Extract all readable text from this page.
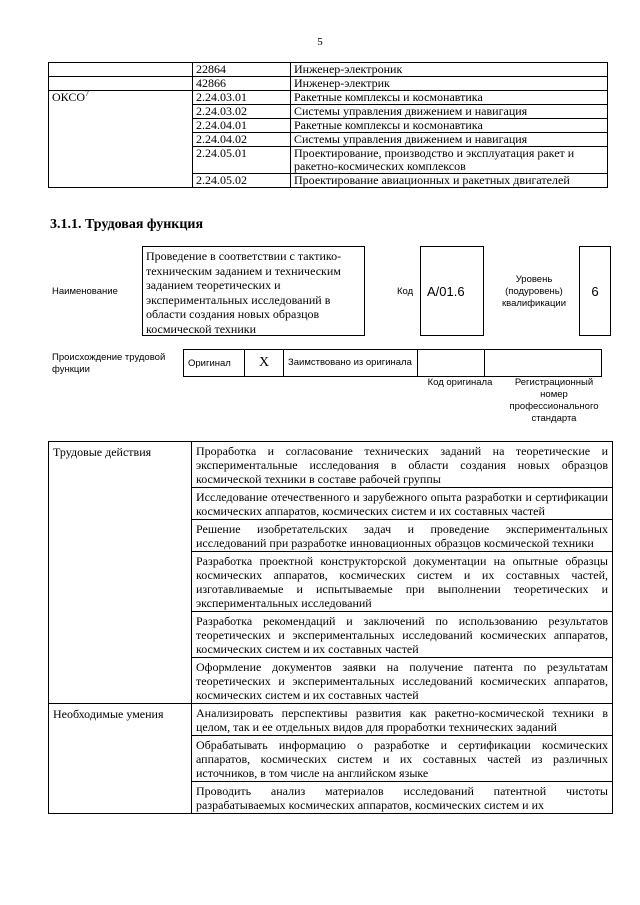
5
	22864	Инженер-электроник
	42866	Инженер-электрик
ОКСО$^7$	2.24.03.01	Ракетные комплексы и космонавтика
	2.24.03.02	Системы управления движением и навигация
	2.24.04.01	Ракетные комплексы и космонавтика
	2.24.04.02	Системы управления движением и навигация
	2.24.05.01	Проектирование, производство и эксплуатация ракет и ракетно-космических комплексов
	2.24.05.02	Проектирование авиационных и ракетных двигателей
3.1.1. Трудовая функция
Наименование
Проведение в соответствии с тактико-техническим заданием и техническим заданием теоретических и экспериментальных исследований в области создания новых образцов космической техники
Код	А/01.6
Уровень (подуровень) квалификации
6
Происхождение трудовой функции
Оригинал	X	Заимствовано из оригинала		
Код оригинала	Регистрационный номер профессионального стандарта
Трудовые действия	Проработка и согласование технических заданий на теоретические и экспериментальные исследования в области создания новых образцов космической техники в составе рабочей группы
	Исследование отечественного и зарубежного опыта разработки и сертификации космических аппаратов, космических систем и их составных частей
	Решение изобретательских задач и проведение экспериментальных исследований при разработке инновационных образцов космической техники
	Разработка проектной конструкторской документации на опытные образцы космических аппаратов, космических систем и их составных частей, изготавливаемые и испытываемые при выполнении теоретических и экспериментальных исследований
	Разработка рекомендаций и заключений по использованию результатов теоретических и экспериментальных исследований космических аппаратов, космических систем и их составных частей
	Оформление документов заявки на получение патента по результатам теоретических и экспериментальных исследований космических аппаратов, космических систем и их составных частей
Необходимые умения	Анализировать перспективы развития как ракетно-космической техники в целом, так и ее отдельных видов для проработки технических заданий
	Обрабатывать информацию о разработке и сертификации космических аппаратов, космических систем и их составных частей из различных источников, в том числе на английском языке
	Проводить анализ материалов исследований патентной чистоты разрабатываемых космических аппаратов, космических систем и их
